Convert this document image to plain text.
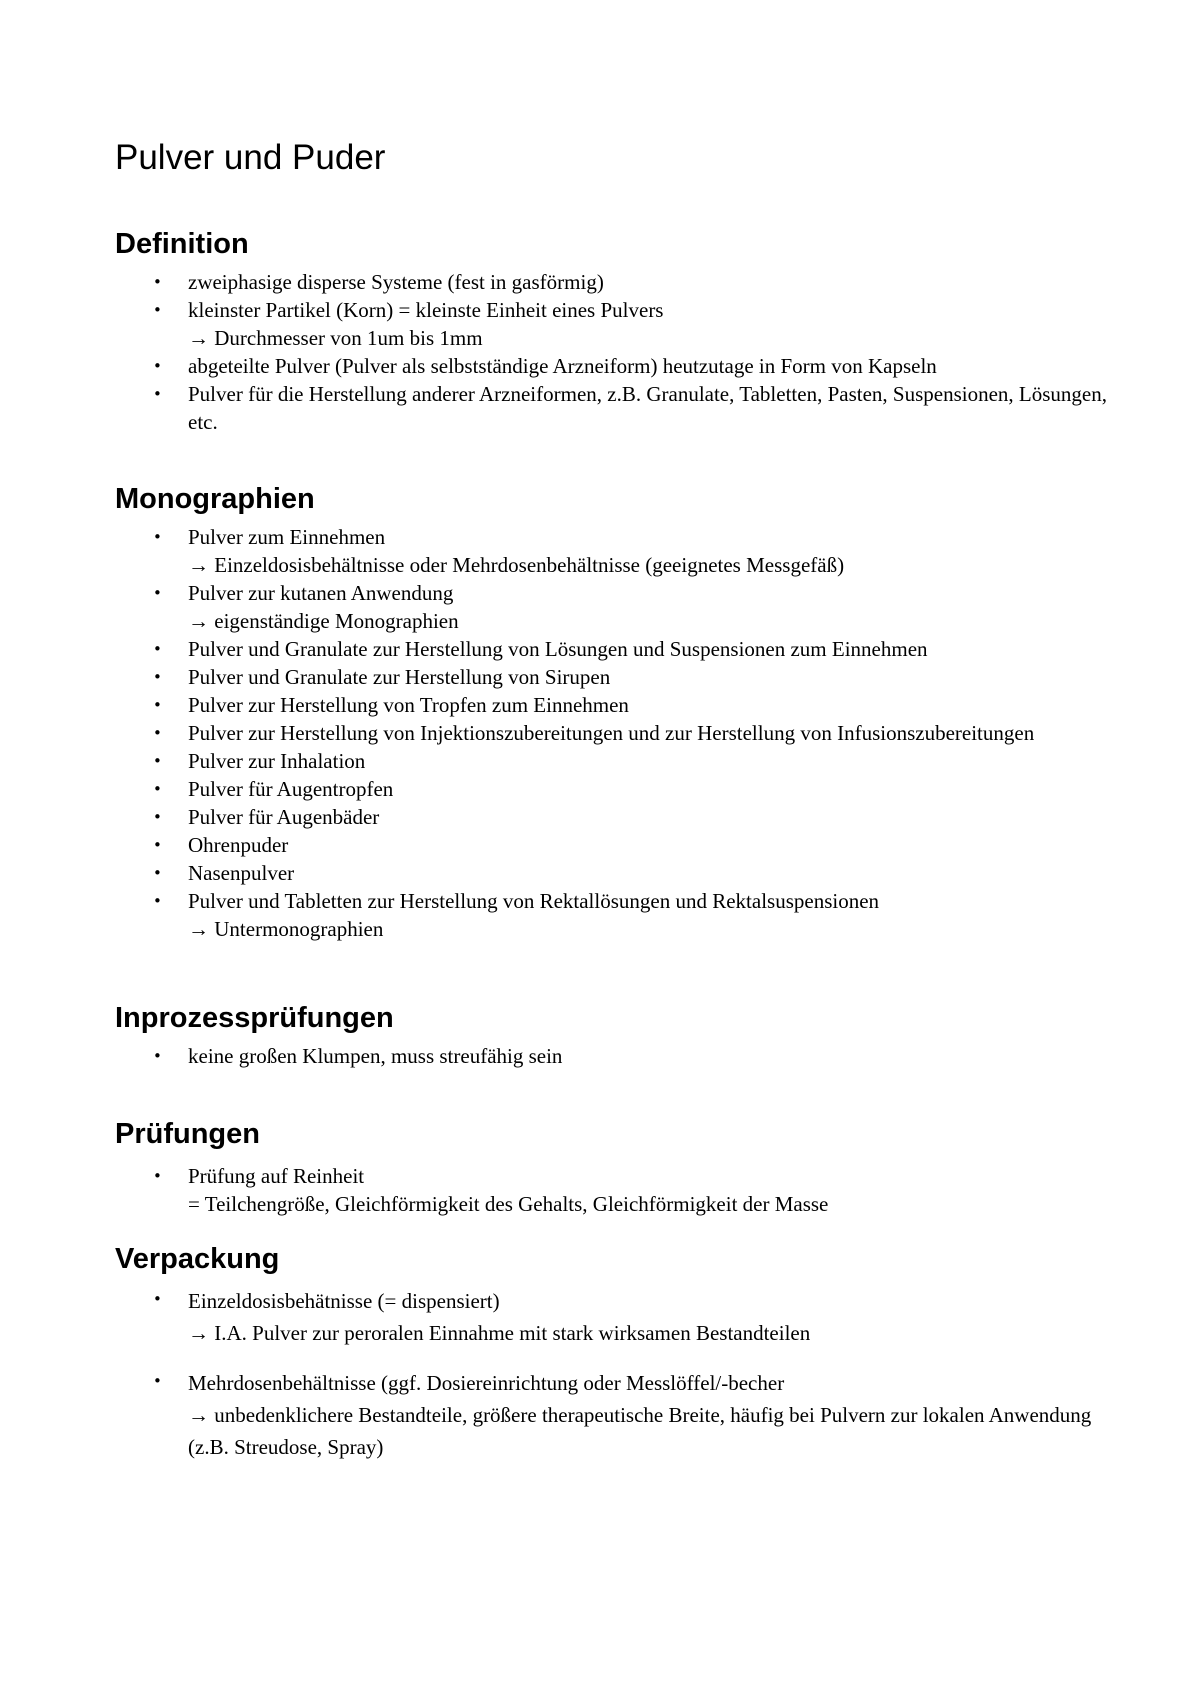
Pulver und Puder
Definition
• zweiphasige disperse Systeme (fest in gasförmig)
• kleinster Partikel (Korn) = kleinste Einheit eines Pulvers
→ Durchmesser von 1um bis 1mm
• abgeteilte Pulver (Pulver als selbstständige Arzneiform) heutzutage in Form von Kapseln
• Pulver für die Herstellung anderer Arzneiformen, z.B. Granulate, Tabletten, Pasten, Suspensionen, Lösungen, etc.
Monographien
• Pulver zum Einnehmen
→ Einzeldosisbehältnisse oder Mehrdosenbehältnisse (geeignetes Messgefäß)
• Pulver zur kutanen Anwendung
→ eigenständige Monographien
• Pulver und Granulate zur Herstellung von Lösungen und Suspensionen zum Einnehmen
• Pulver und Granulate zur Herstellung von Sirupen
• Pulver zur Herstellung von Tropfen zum Einnehmen
• Pulver zur Herstellung von Injektionszubereitungen und zur Herstellung von Infusionszubereitungen
• Pulver zur Inhalation
• Pulver für Augentropfen
• Pulver für Augenbäder
• Ohrenpuder
• Nasenpulver
• Pulver und Tabletten zur Herstellung von Rektallösungen und Rektalsuspensionen
→ Untermonographien
Inprozessprüfungen
• keine großen Klumpen, muss streufähig sein
Prüfungen
• Prüfung auf Reinheit
= Teilchengröße, Gleichförmigkeit des Gehalts, Gleichförmigkeit der Masse
Verpackung
• Einzeldosisbehätnisse (= dispensiert)
→ I.A. Pulver zur peroralen Einnahme mit stark wirksamen Bestandteilen
• Mehrdosenbehältnisse (ggf. Dosiereinrichtung oder Messlöffel/-becher
→ unbedenklichere Bestandteile, größere therapeutische Breite, häufig bei Pulvern zur lokalen Anwendung (z.B. Streudose, Spray)
